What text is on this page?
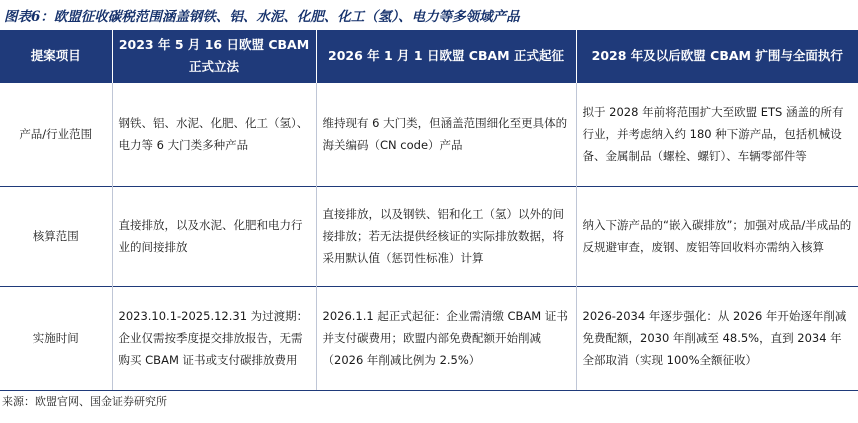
图表6：欧盟征收碳税范围涵盖钢铁、铝、水泥、化肥、化工（氢）、电力等多领域产品
提案项目	2023 年 5 月 16 日欧盟 CBAM 正式立法	2026 年 1 月 1 日欧盟 CBAM 正式起征	2028 年及以后欧盟 CBAM 扩围与全面执行
产品/行业范围	钢铁、铝、水泥、化肥、化工（氢）、电力等 6 大门类多种产品	维持现有 6 大门类，但涵盖范围细化至更具体的海关编码（CN code）产品	拟于 2028 年前将范围扩大至欧盟 ETS 涵盖的所有行业，并考虑纳入约 180 种下游产品，包括机械设备、金属制品（螺栓、螺钉）、车辆零部件等
核算范围	直接排放，以及水泥、化肥和电力行业的间接排放	直接排放，以及钢铁、铝和化工（氢）以外的间接排放；若无法提供经核证的实际排放数据，将采用默认值（惩罚性标准）计算	纳入下游产品的“嵌入碳排放”；加强对成品/半成品的反规避审查，废钢、废铝等回收料亦需纳入核算
实施时间	2023.10.1-2025.12.31 为过渡期：企业仅需按季度提交排放报告，无需购买 CBAM 证书或支付碳排放费用	2026.1.1 起正式起征：企业需清缴 CBAM 证书并支付碳费用；欧盟内部免费配额开始削减（2026 年削减比例为 2.5%）	2026-2034 年逐步强化：从 2026 年开始逐年削减免费配额，2030 年削减至 48.5%，直到 2034 年全部取消（实现 100%全额征收）
来源：欧盟官网、国金证券研究所
